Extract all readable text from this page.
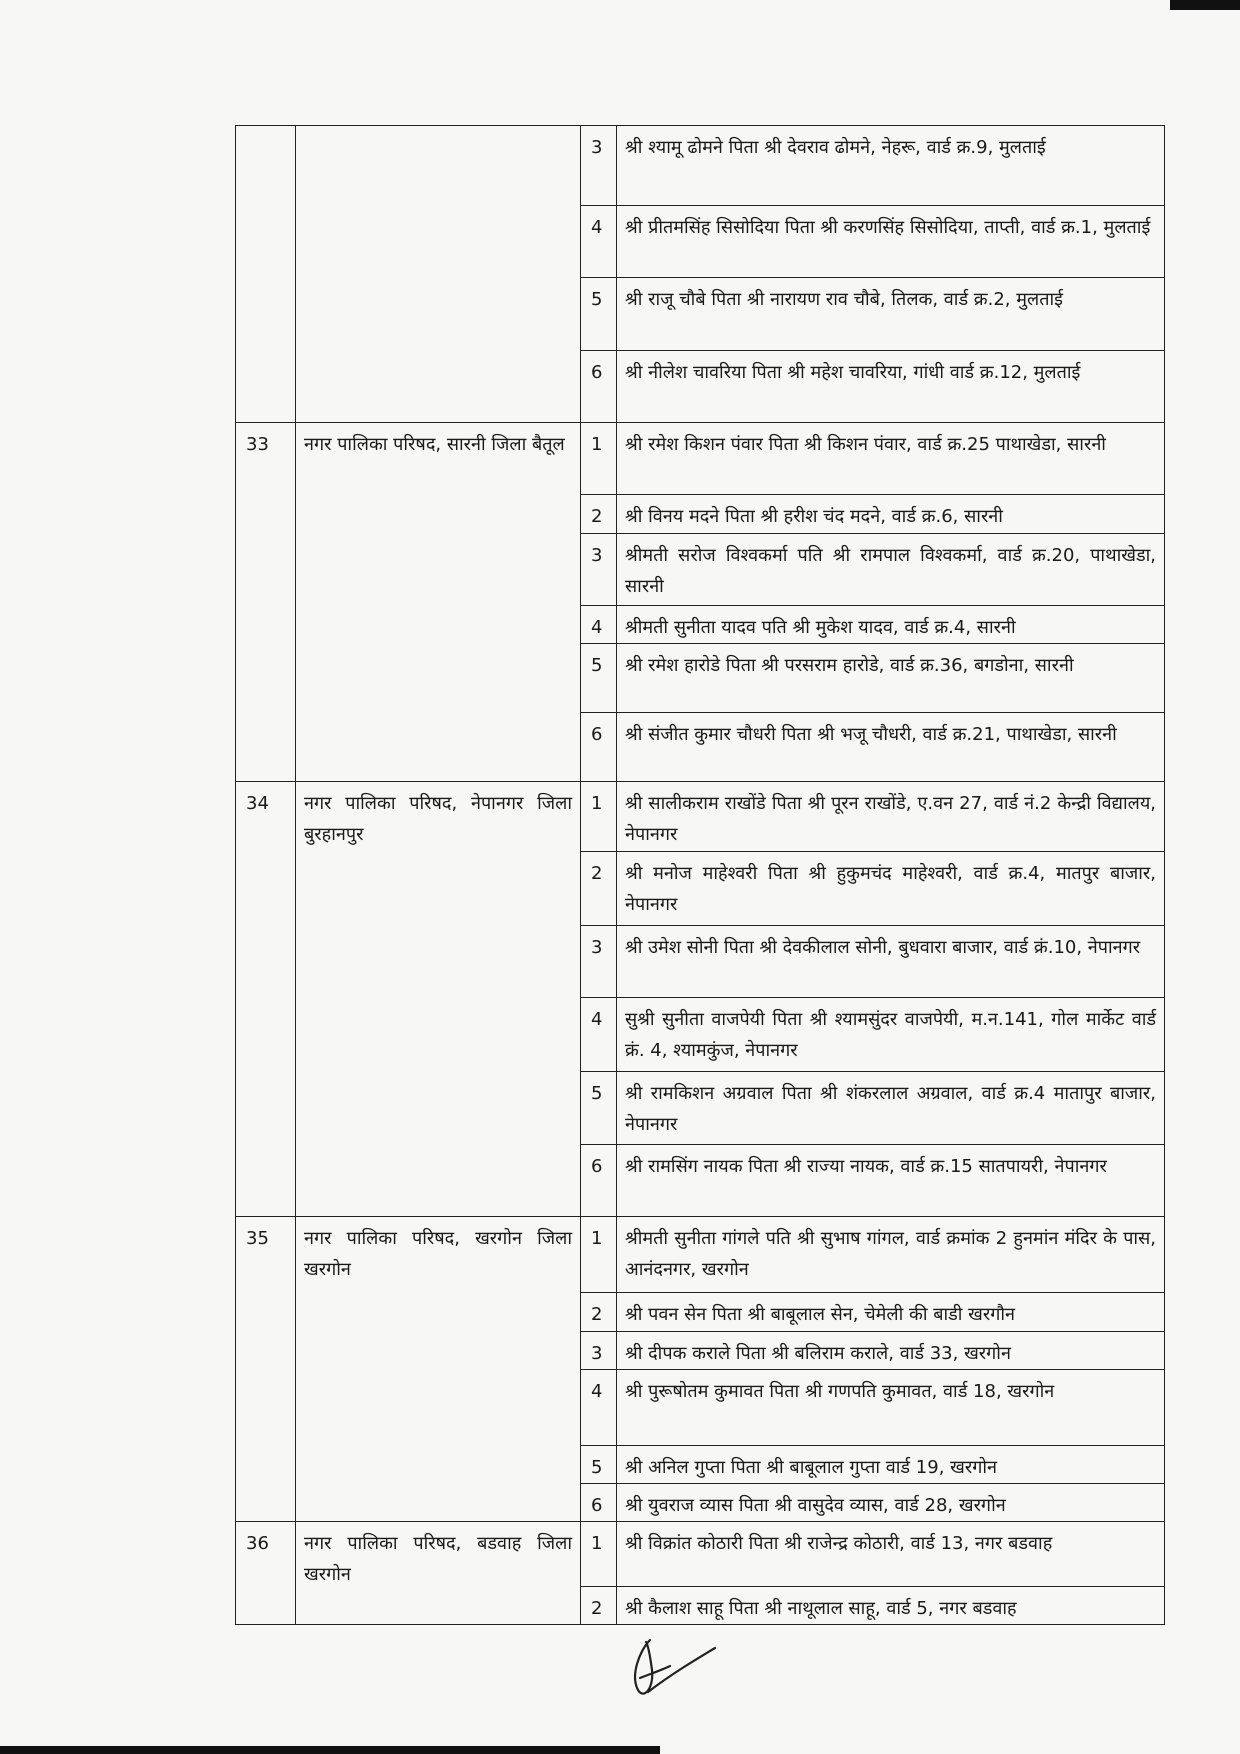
		3	श्री श्यामू ढोमने पिता श्री देवराव ढोमने, नेहरू, वार्ड क्र.9, मुलताई
		4	श्री प्रीतमसिंह सिसोदिया पिता श्री करणसिंह सिसोदिया, ताप्ती, वार्ड क्र.1, मुलताई
		5	श्री राजू चौबे पिता श्री नारायण राव चौबे, तिलक, वार्ड क्र.2, मुलताई
		6	श्री नीलेश चावरिया पिता श्री महेश चावरिया, गांधी वार्ड क्र.12, मुलताई
33	नगर पालिका परिषद, सारनी जिला बैतूल	1	श्री रमेश किशन पंवार पिता श्री किशन पंवार, वार्ड क्र.25 पाथाखेडा, सारनी
		2	श्री विनय मदने पिता श्री हरीश चंद मदने, वार्ड क्र.6, सारनी
		3	श्रीमती सरोज विश्वकर्मा पति श्री रामपाल विश्वकर्मा, वार्ड क्र.20, पाथाखेडा, सारनी
		4	श्रीमती सुनीता यादव पति श्री मुकेश यादव, वार्ड क्र.4, सारनी
		5	श्री रमेश हारोडे पिता श्री परसराम हारोडे, वार्ड क्र.36, बगडोना, सारनी
		6	श्री संजीत कुमार चौधरी पिता श्री भजू चौधरी, वार्ड क्र.21, पाथाखेडा, सारनी
34	नगर पालिका परिषद, नेपानगर जिला बुरहानपुर	1	श्री सालीकराम राखोंडे पिता श्री पूरन राखोंडे, ए.वन 27, वार्ड नं.2 केन्द्री विद्यालय, नेपानगर
		2	श्री मनोज माहेश्वरी पिता श्री हुकुमचंद माहेश्वरी, वार्ड क्र.4, मातपुर बाजार, नेपानगर
		3	श्री उमेश सोनी पिता श्री देवकीलाल सोनी, बुधवारा बाजार, वार्ड क्रं.10, नेपानगर
		4	सुश्री सुनीता वाजपेयी पिता श्री श्यामसुंदर वाजपेयी, म.न.141, गोल मार्केट वार्ड क्रं. 4, श्यामकुंज, नेपानगर
		5	श्री रामकिशन अग्रवाल पिता श्री शंकरलाल अग्रवाल, वार्ड क्र.4 मातापुर बाजार, नेपानगर
		6	श्री रामसिंग नायक पिता श्री राज्या नायक, वार्ड क्र.15 सातपायरी, नेपानगर
35	नगर पालिका परिषद, खरगोन जिला खरगोन	1	श्रीमती सुनीता गांगले पति श्री सुभाष गांगल, वार्ड क्रमांक 2 हुनमांन मंदिर के पास, आनंदनगर, खरगोन
		2	श्री पवन सेन पिता श्री बाबूलाल सेन, चेमेली की बाडी खरगौन
		3	श्री दीपक कराले पिता श्री बलिराम कराले, वार्ड 33, खरगोन
		4	श्री पुरूषोतम कुमावत पिता श्री गणपति कुमावत, वार्ड 18, खरगोन
		5	श्री अनिल गुप्ता पिता श्री बाबूलाल गुप्ता वार्ड 19, खरगोन
		6	श्री युवराज व्यास पिता श्री वासुदेव व्यास, वार्ड 28, खरगोन
36	नगर पालिका परिषद, बडवाह जिला खरगोन	1	श्री विक्रांत कोठारी पिता श्री राजेन्द्र कोठारी, वार्ड 13, नगर बडवाह
		2	श्री कैलाश साहू पिता श्री नाथूलाल साहू, वार्ड 5, नगर बडवाह
